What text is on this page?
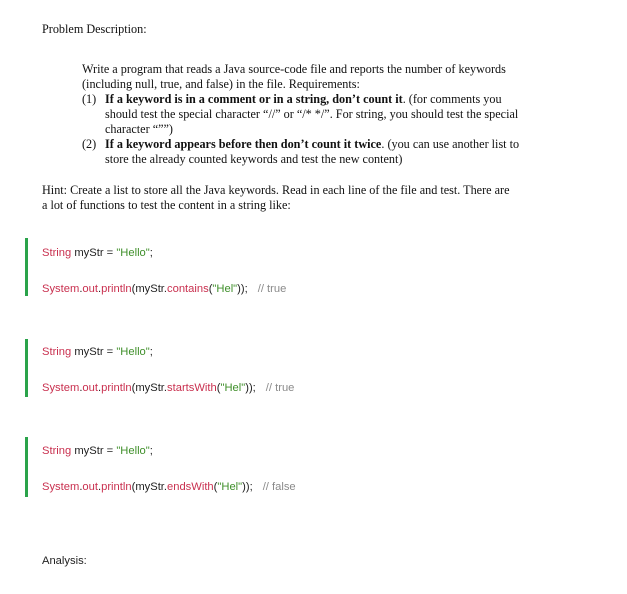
Problem Description:
Write a program that reads a Java source-code file and reports the number of keywords
(including null, true, and false) in the file. Requirements:
(1) If a keyword is in a comment or in a string, don’t count it. (for comments you
should test the special character “//” or “/* */”. For string, you should test the special
character “””)
(2) If a keyword appears before then don’t count it twice. (you can use another list to
store the already counted keywords and test the new content)
Hint: Create a list to store all the Java keywords. Read in each line of the file and test. There are
a lot of functions to test the content in a string like:
String myStr = "Hello";
System.out.println(myStr.contains("Hel")); // true
String myStr = "Hello";
System.out.println(myStr.startsWith("Hel")); // true
String myStr = "Hello";
System.out.println(myStr.endsWith("Hel")); // false
Analysis:
